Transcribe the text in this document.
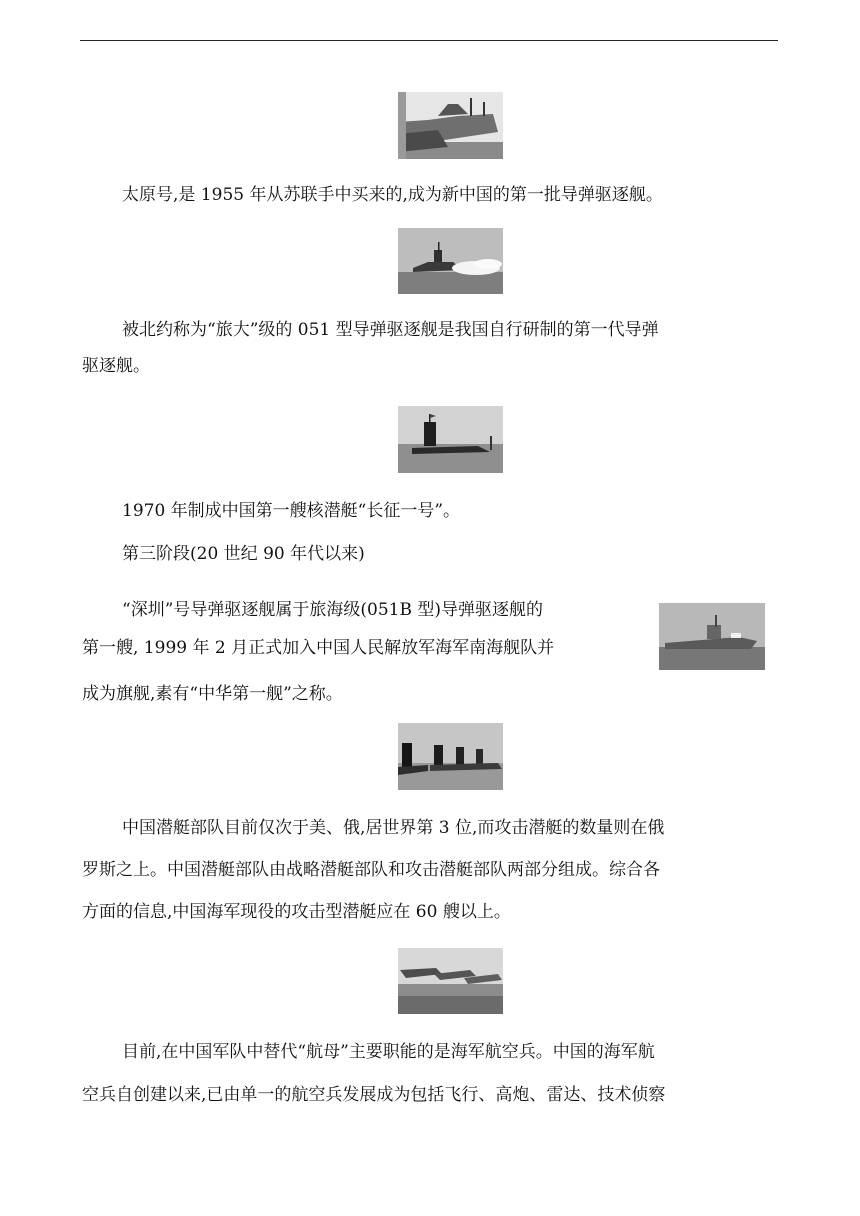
太原号,是 1955 年从苏联手中买来的,成为新中国的第一批导弹驱逐舰。

被北约称为“旅大”级的 051 型导弹驱逐舰是我国自行研制的第一代导弹

驱逐舰。

1970 年制成中国第一艘核潜艇“长征一号”。

第三阶段(20 世纪 90 年代以来)

“深圳”号导弹驱逐舰属于旅海级(051B 型)导弹驱逐舰的

第一艘, 1999 年 2 月正式加入中国人民解放军海军南海舰队并

成为旗舰,素有“中华第一舰”之称。

中国潜艇部队目前仅次于美、俄,居世界第 3 位,而攻击潜艇的数量则在俄

罗斯之上。中国潜艇部队由战略潜艇部队和攻击潜艇部队两部分组成。综合各

方面的信息,中国海军现役的攻击型潜艇应在 60 艘以上。

目前,在中国军队中替代“航母”主要职能的是海军航空兵。中国的海军航

空兵自创建以来,已由单一的航空兵发展成为包括飞行、高炮、雷达、技术侦察
